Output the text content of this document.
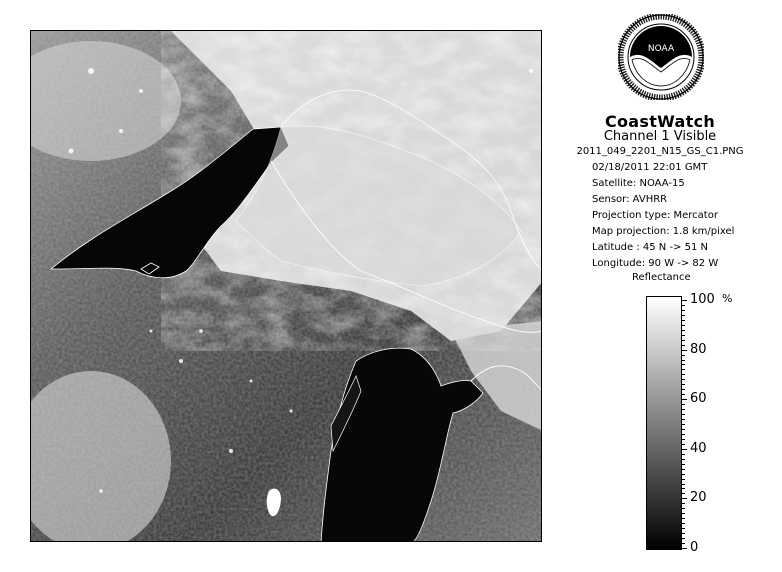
NOAA
CoastWatch
Channel 1 Visible
2011_049_2201_N15_GS_C1.PNG
02/18/2011 22:01 GMT
Satellite: NOAA-15
Sensor: AVHRR
Projection type: Mercator
Map projection: 1.8 km/pixel
Latitude : 45 N -> 51 N
Longitude: 90 W -> 82 W
Reflectance
%
100
80
60
40
20
0
